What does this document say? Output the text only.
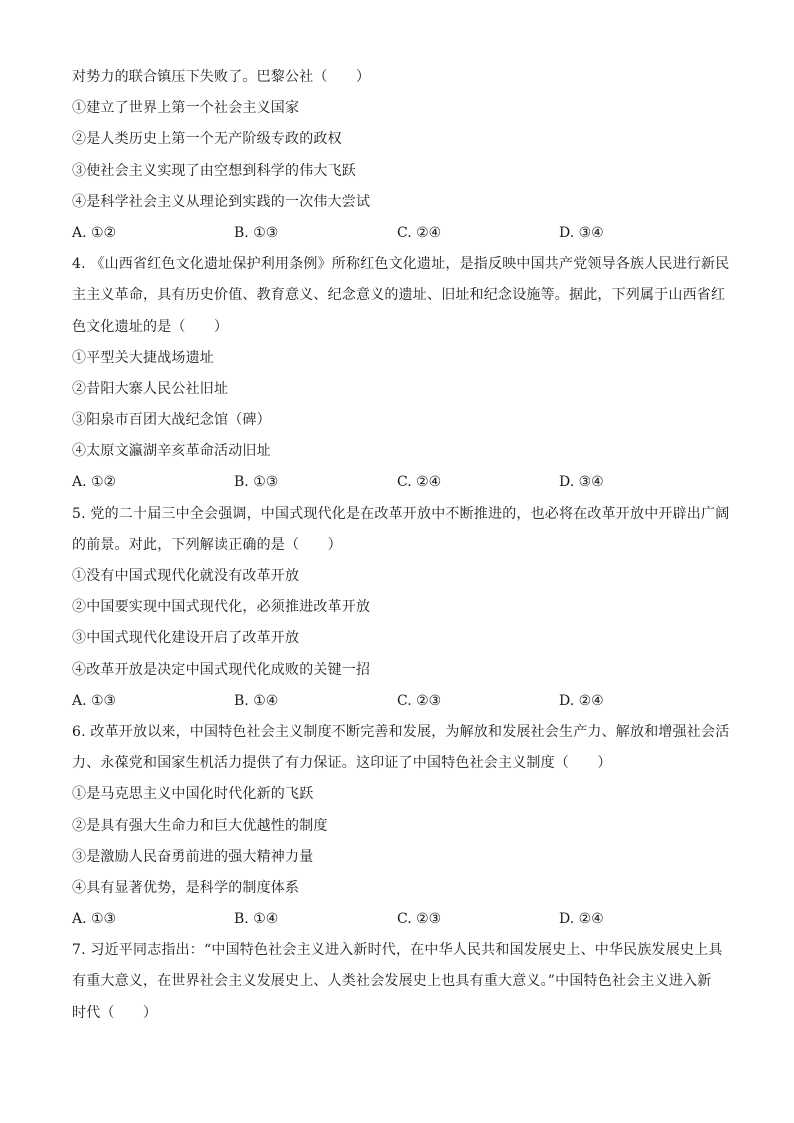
对势力的联合镇压下失败了。巴黎公社（　　）
①建立了世界上第一个社会主义国家
②是人类历史上第一个无产阶级专政的政权
③使社会主义实现了由空想到科学的伟大飞跃
④是科学社会主义从理论到实践的一次伟大尝试
A. ①②	B. ①③	C. ②④	D. ③④
4. 《山西省红色文化遗址保护利用条例》所称红色文化遗址，是指反映中国共产党领导各族人民进行新民
主主义革命，具有历史价值、教育意义、纪念意义的遗址、旧址和纪念设施等。据此，下列属于山西省红
色文化遗址的是（　　）
①平型关大捷战场遗址
②昔阳大寨人民公社旧址
③阳泉市百团大战纪念馆（碑）
④太原文瀛湖辛亥革命活动旧址
A. ①②	B. ①③	C. ②④	D. ③④
5. 党的二十届三中全会强调，中国式现代化是在改革开放中不断推进的，也必将在改革开放中开辟出广阔
的前景。对此，下列解读正确的是（　　）
①没有中国式现代化就没有改革开放
②中国要实现中国式现代化，必须推进改革开放
③中国式现代化建设开启了改革开放
④改革开放是决定中国式现代化成败的关键一招
A. ①③	B. ①④	C. ②③	D. ②④
6. 改革开放以来，中国特色社会主义制度不断完善和发展，为解放和发展社会生产力、解放和增强社会活
力、永葆党和国家生机活力提供了有力保证。这印证了中国特色社会主义制度（　　）
①是马克思主义中国化时代化新的飞跃
②是具有强大生命力和巨大优越性的制度
③是激励人民奋勇前进的强大精神力量
④具有显著优势，是科学的制度体系
A. ①③	B. ①④	C. ②③	D. ②④
7. 习近平同志指出：“中国特色社会主义进入新时代，在中华人民共和国发展史上、中华民族发展史上具
有重大意义，在世界社会主义发展史上、人类社会发展史上也具有重大意义。”中国特色社会主义进入新
时代（　　）
